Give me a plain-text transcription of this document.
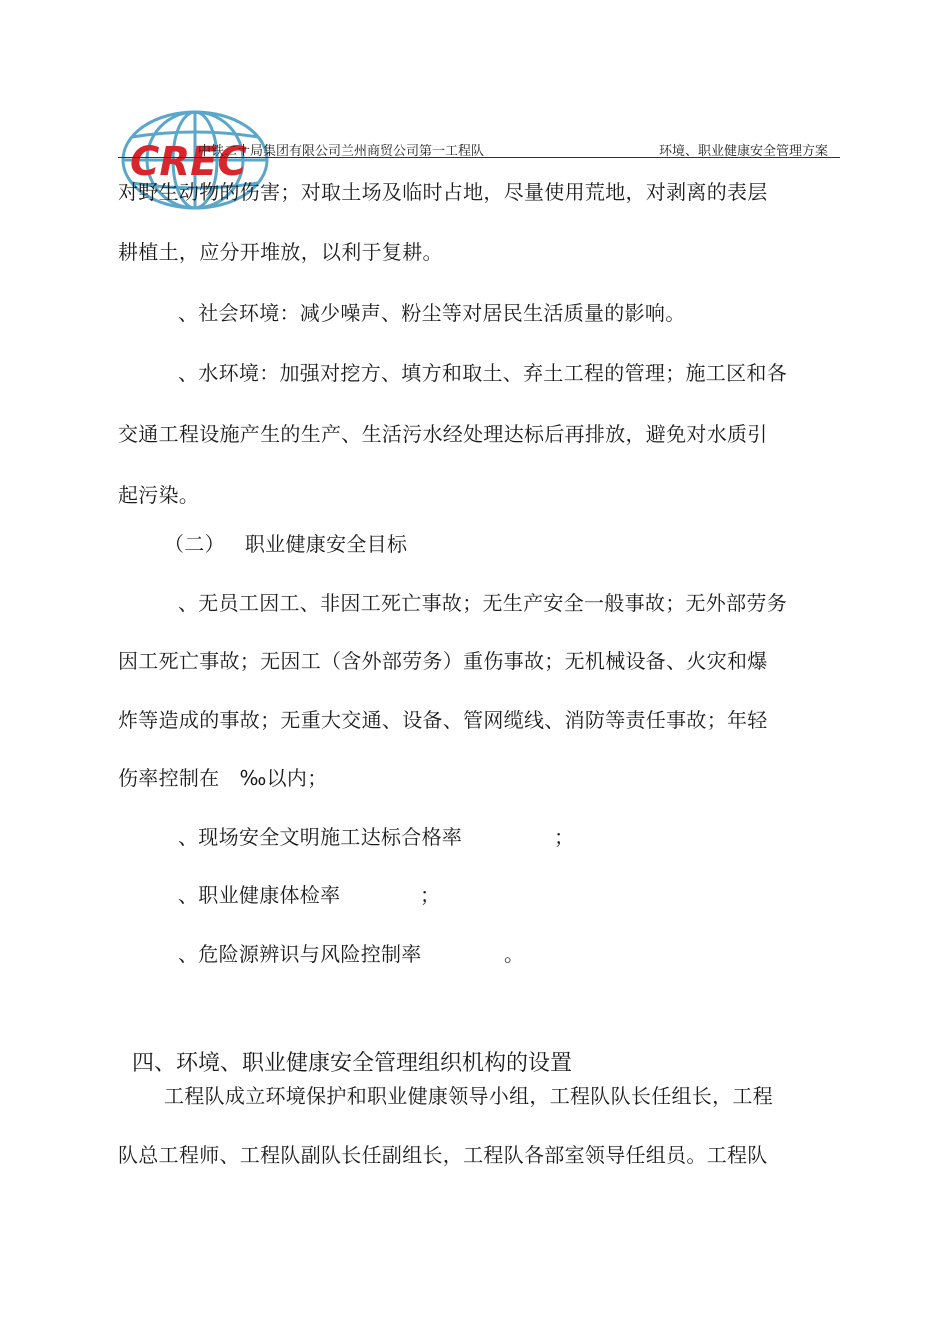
CREC
中铁二十局集团有限公司兰州商贸公司第一工程队	环境、职业健康安全管理方案
对野生动物的伤害；对取土场及临时占地，尽量使用荒地，对剥离的表层
耕植土，应分开堆放，以利于复耕。
、社会环境：减少噪声、粉尘等对居民生活质量的影响。
、水环境：加强对挖方、填方和取土、弃土工程的管理；施工区和各
交通工程设施产生的生产、生活污水经处理达标后再排放，避免对水质引
起污染。
（二）   职业健康安全目标
、无员工因工、非因工死亡事故；无生产安全一般事故；无外部劳务
因工死亡事故；无因工（含外部劳务）重伤事故；无机械设备、火灾和爆
炸等造成的事故；无重大交通、设备、管网缆线、消防等责任事故；年轻
伤率控制在   ‰以内；
、现场安全文明施工达标合格率	；
、职业健康体检率	；
、危险源辨识与风险控制率	。

四、环境、职业健康安全管理组织机构的设置

工程队成立环境保护和职业健康领导小组，工程队队长任组长，工程
队总工程师、工程队副队长任副组长，工程队各部室领导任组员。工程队
